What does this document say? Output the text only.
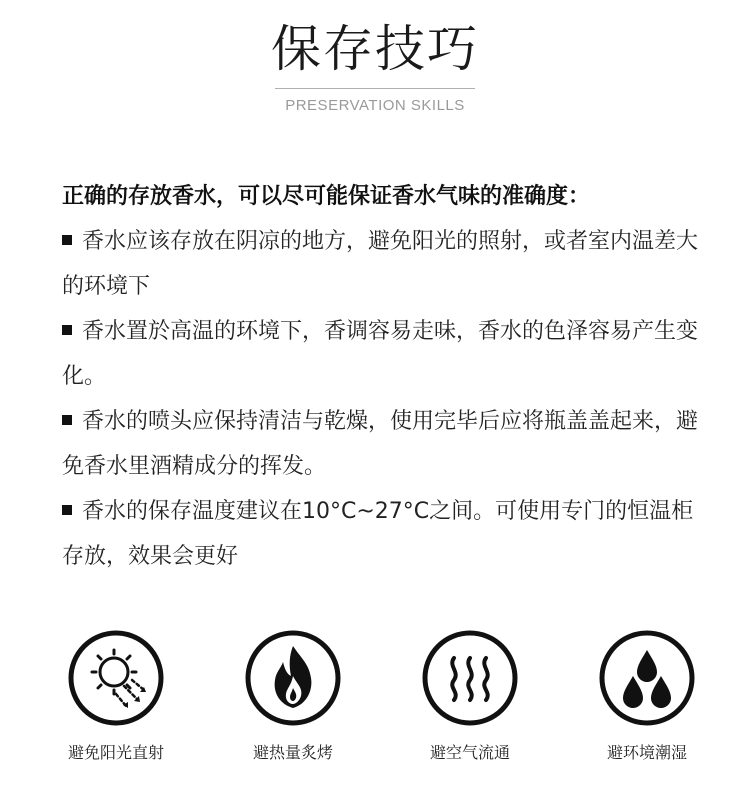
保存技巧
PRESERVATION SKILLS
正确的存放香水，可以尽可能保证香水气味的准确度：
香水应该存放在阴凉的地方，避免阳光的照射，或者室内温差大的环境下
香水置於高温的环境下，香调容易走味，香水的色泽容易产生变化。
香水的喷头应保持清洁与乾燥，使用完毕后应将瓶盖盖起来，避免香水里酒精成分的挥发。
香水的保存温度建议在10°C~27°C之间。可使用专门的恒温柜存放，效果会更好
避免阳光直射	避热量炙烤	避空气流通	避环境潮湿
